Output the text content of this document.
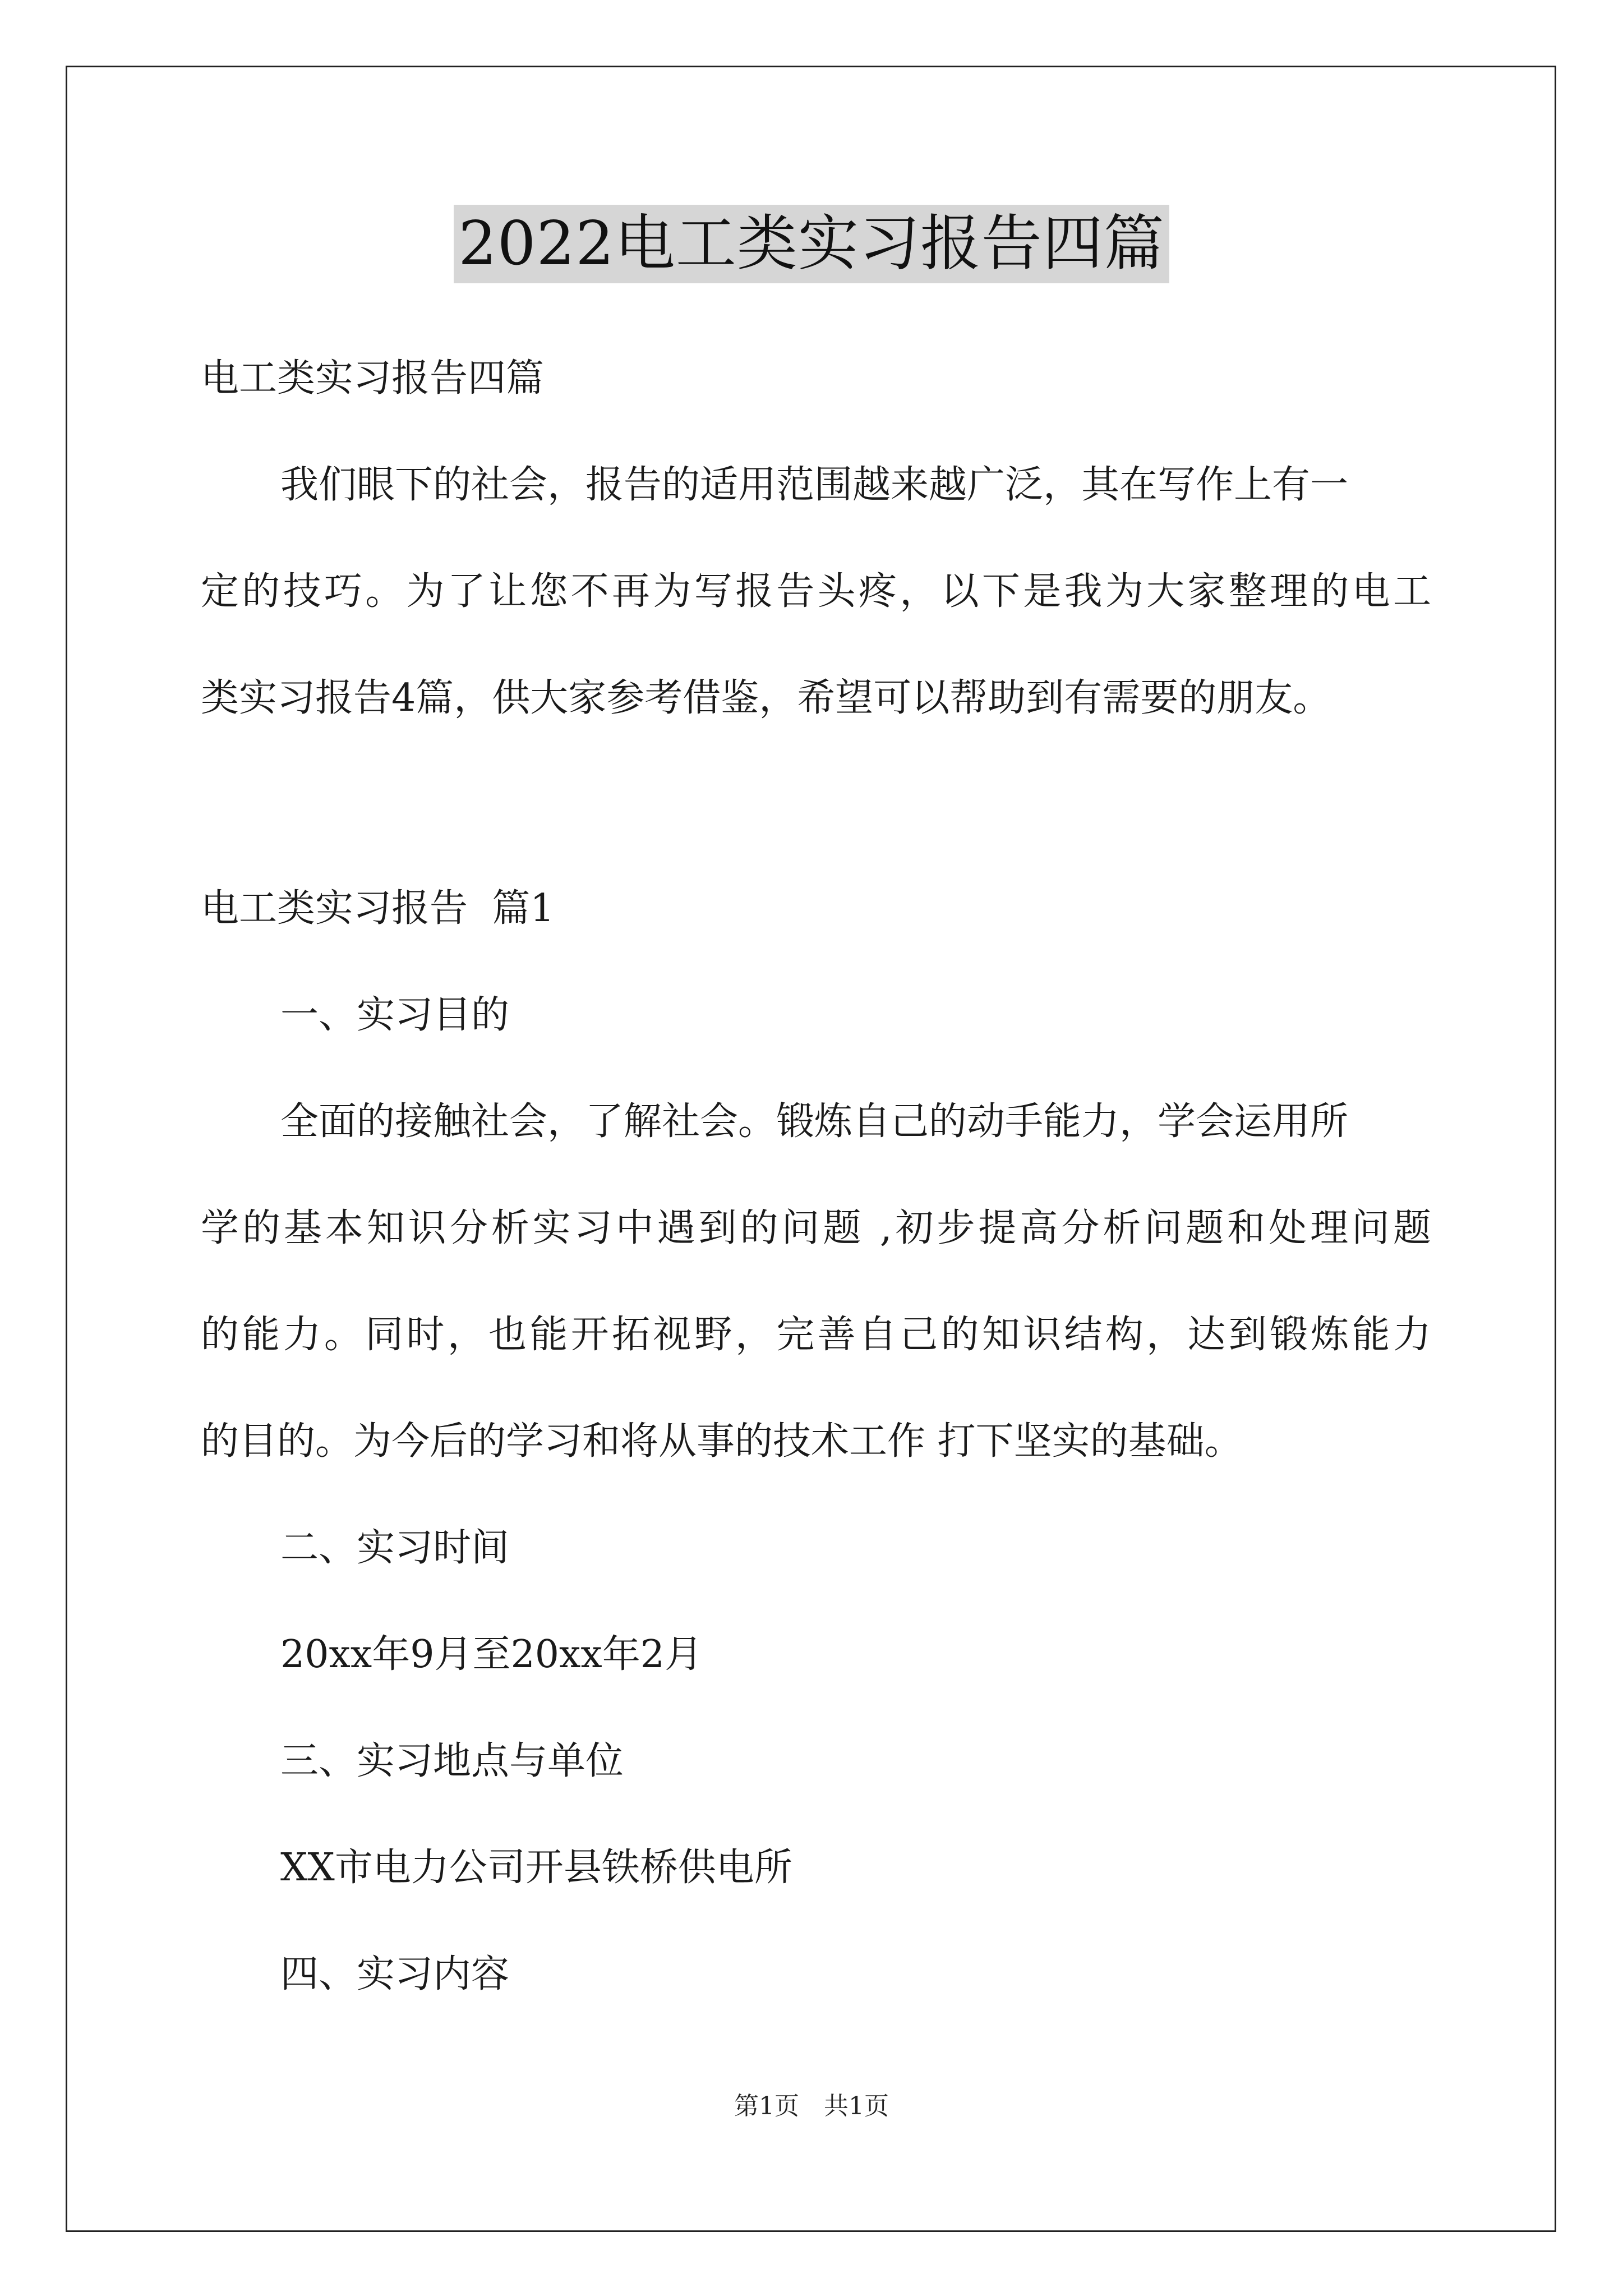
2022电工类实习报告四篇
电工类实习报告四篇
我们眼下的社会，报告的适用范围越来越广泛，其在写作上有一
定的技巧。为了让您不再为写报告头疼，以下是我为大家整理的电工
类实习报告4篇，供大家参考借鉴，希望可以帮助到有需要的朋友。
电工类实习报告  篇1
一、实习目的
全面的接触社会，了解社会。锻炼自己的动手能力，学会运用所
学的基本知识分析实习中遇到的问题 ,初步提高分析问题和处理问题
的能力。同时，也能开拓视野，完善自己的知识结构，达到锻炼能力
的目的。为今后的学习和将从事的技术工作 打下坚实的基础。
二、实习时间
20xx年9月至20xx年2月
三、实习地点与单位
XX市电力公司开县铁桥供电所
四、实习内容
第1页 共1页
